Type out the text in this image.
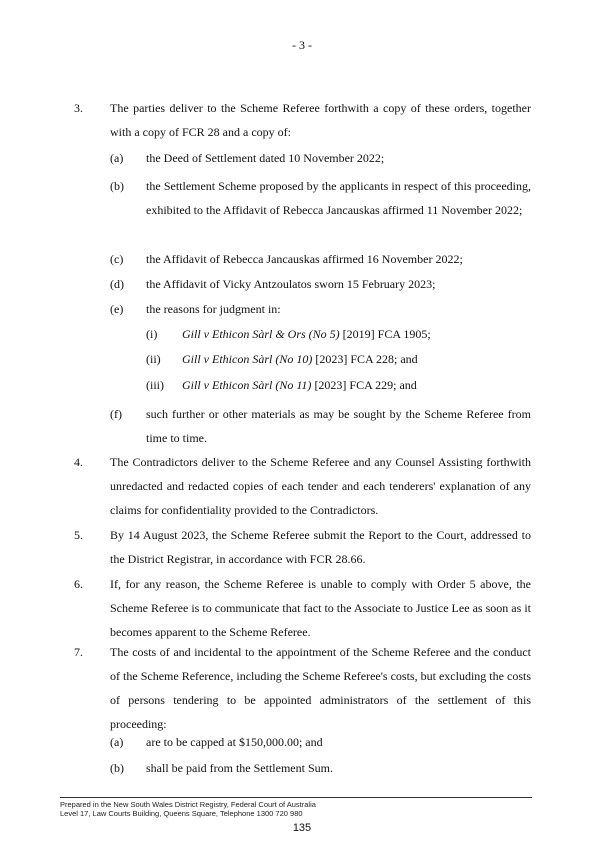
- 3 -
3. The parties deliver to the Scheme Referee forthwith a copy of these orders, together with a copy of FCR 28 and a copy of:
(a) the Deed of Settlement dated 10 November 2022;
(b) the Settlement Scheme proposed by the applicants in respect of this proceeding, exhibited to the Affidavit of Rebecca Jancauskas affirmed 11 November 2022;
(c) the Affidavit of Rebecca Jancauskas affirmed 16 November 2022;
(d) the Affidavit of Vicky Antzoulatos sworn 15 February 2023;
(e) the reasons for judgment in:
(i) Gill v Ethicon Sàrl & Ors (No 5) [2019] FCA 1905;
(ii) Gill v Ethicon Sàrl (No 10) [2023] FCA 228; and
(iii) Gill v Ethicon Sàrl (No 11) [2023] FCA 229; and
(f) such further or other materials as may be sought by the Scheme Referee from time to time.
4. The Contradictors deliver to the Scheme Referee and any Counsel Assisting forthwith unredacted and redacted copies of each tender and each tenderers' explanation of any claims for confidentiality provided to the Contradictors.
5. By 14 August 2023, the Scheme Referee submit the Report to the Court, addressed to the District Registrar, in accordance with FCR 28.66.
6. If, for any reason, the Scheme Referee is unable to comply with Order 5 above, the Scheme Referee is to communicate that fact to the Associate to Justice Lee as soon as it becomes apparent to the Scheme Referee.
7. The costs of and incidental to the appointment of the Scheme Referee and the conduct of the Scheme Reference, including the Scheme Referee's costs, but excluding the costs of persons tendering to be appointed administrators of the settlement of this proceeding:
(a) are to be capped at $150,000.00; and
(b) shall be paid from the Settlement Sum.
Prepared in the New South Wales District Registry, Federal Court of Australia
Level 17, Law Courts Building, Queens Square, Telephone 1300 720 980
135
